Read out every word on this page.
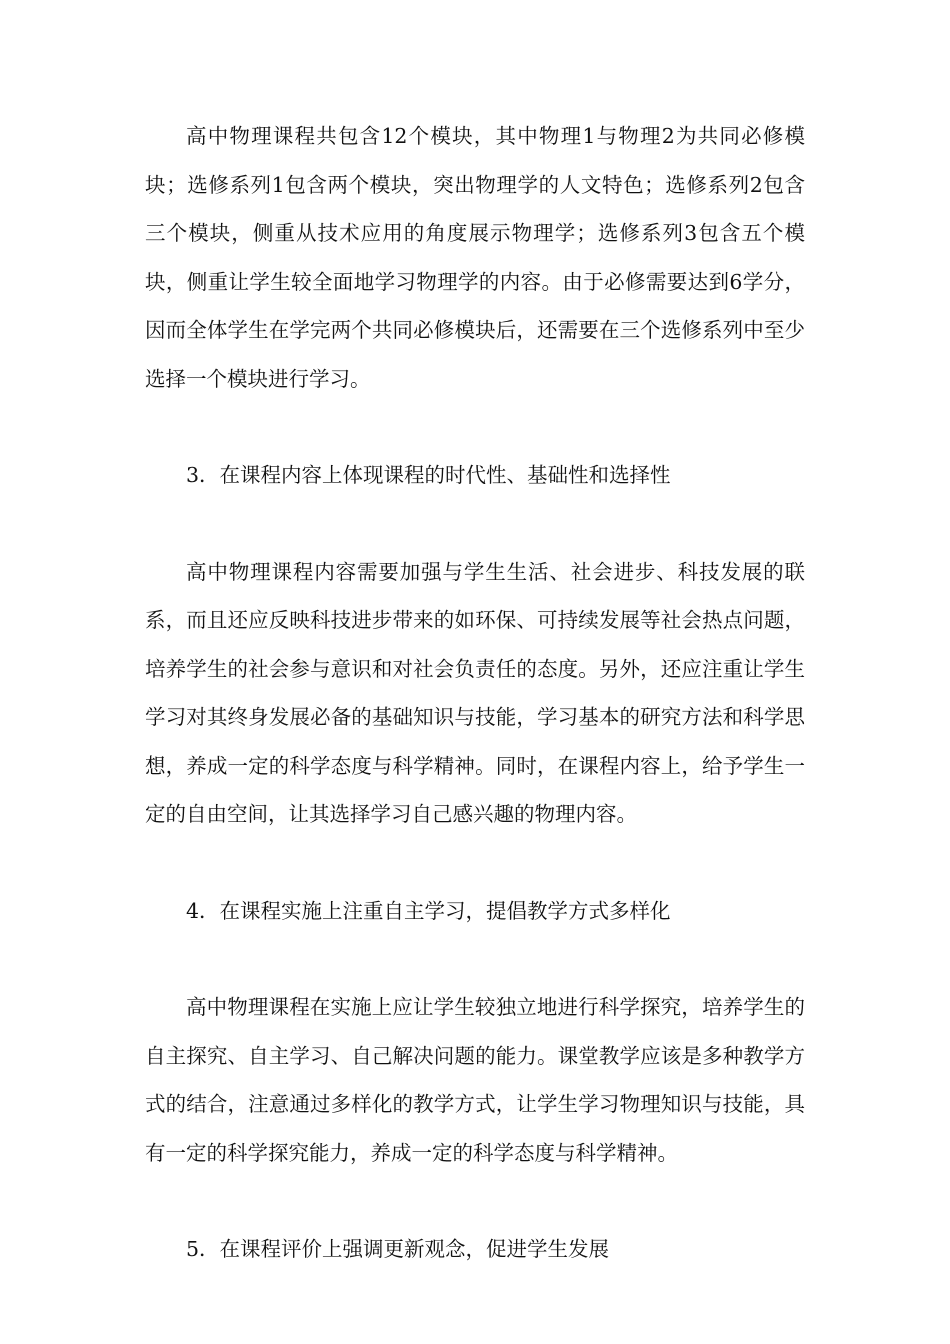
高中物理课程共包含12个模块，其中物理1与物理2为共同必修模块；选修系列1包含两个模块，突出物理学的人文特色；选修系列2包含三个模块，侧重从技术应用的角度展示物理学；选修系列3包含五个模块，侧重让学生较全面地学习物理学的内容。由于必修需要达到6学分，因而全体学生在学完两个共同必修模块后，还需要在三个选修系列中至少选择一个模块进行学习。

3．在课程内容上体现课程的时代性、基础性和选择性

高中物理课程内容需要加强与学生生活、社会进步、科技发展的联系，而且还应反映科技进步带来的如环保、可持续发展等社会热点问题，培养学生的社会参与意识和对社会负责任的态度。另外，还应注重让学生学习对其终身发展必备的基础知识与技能，学习基本的研究方法和科学思想，养成一定的科学态度与科学精神。同时，在课程内容上，给予学生一定的自由空间，让其选择学习自己感兴趣的物理内容。

4．在课程实施上注重自主学习，提倡教学方式多样化

高中物理课程在实施上应让学生较独立地进行科学探究，培养学生的自主探究、自主学习、自己解决问题的能力。课堂教学应该是多种教学方式的结合，注意通过多样化的教学方式，让学生学习物理知识与技能，具有一定的科学探究能力，养成一定的科学态度与科学精神。

5．在课程评价上强调更新观念，促进学生发展
